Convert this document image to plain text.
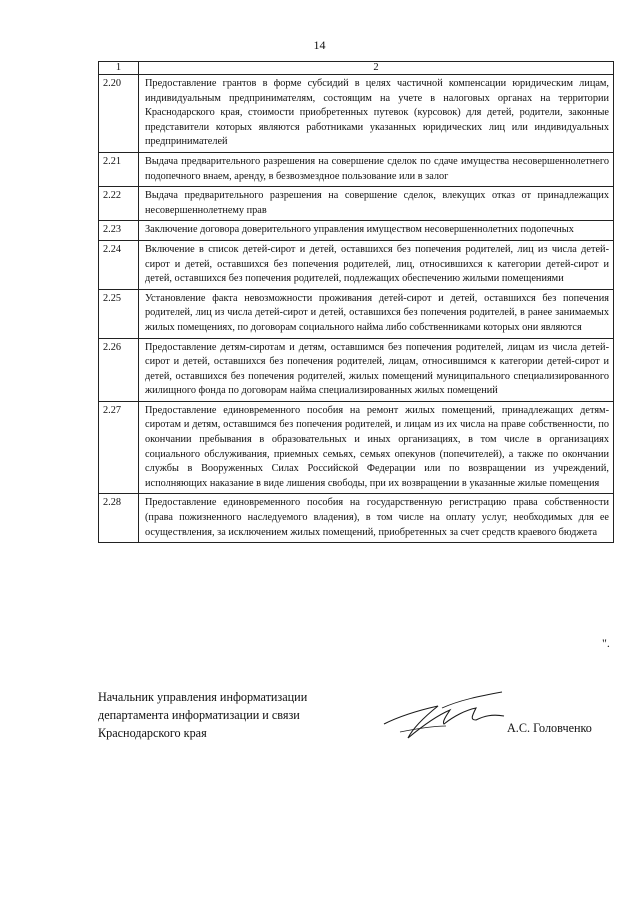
14
1	2
2.20	Предоставление грантов в форме субсидий в целях частичной компенсации юридическим лицам, индивидуальным предпринимателям, состоящим на учете в налоговых органах на территории Краснодарского края, стоимости приобретенных путевок (курсовок) для детей, родители, законные представители которых являются работниками указанных юридических лиц или индивидуальных предпринимателей
2.21	Выдача предварительного разрешения на совершение сделок по сдаче имущества несовершеннолетнего подопечного внаем, аренду, в безвозмездное пользование или в залог
2.22	Выдача предварительного разрешения на совершение сделок, влекущих отказ от принадлежащих несовершеннолетнему прав
2.23	Заключение договора доверительного управления имуществом несовершеннолетних подопечных
2.24	Включение в список детей-сирот и детей, оставшихся без попечения родителей, лиц из числа детей-сирот и детей, оставшихся без попечения родителей, лиц, относившихся к категории детей-сирот и детей, оставшихся без попечения родителей, подлежащих обеспечению жилыми помещениями
2.25	Установление факта невозможности проживания детей-сирот и детей, оставшихся без попечения родителей, лиц из числа детей-сирот и детей, оставшихся без попечения родителей, в ранее занимаемых жилых помещениях, по договорам социального найма либо собственниками которых они являются
2.26	Предоставление детям-сиротам и детям, оставшимся без попечения родителей, лицам из числа детей-сирот и детей, оставшихся без попечения родителей, лицам, относившимся к категории детей-сирот и детей, оставшихся без попечения родителей, жилых помещений муниципального специализированного жилищного фонда по договорам найма специализированных жилых помещений
2.27	Предоставление единовременного пособия на ремонт жилых помещений, принадлежащих детям-сиротам и детям, оставшимся без попечения родителей, и лицам из их числа на праве собственности, по окончании пребывания в образовательных и иных организациях, в том числе в организациях социального обслуживания, приемных семьях, семьях опекунов (попечителей), а также по окончании службы в Вооруженных Силах Российской Федерации или по возвращении из учреждений, исполняющих наказание в виде лишения свободы, при их возвращении в указанные жилые помещения
2.28	Предоставление единовременного пособия на государственную регистрацию права собственности (права пожизненного наследуемого владения), в том числе на оплату услуг, необходимых для ее осуществления, за исключением жилых помещений, приобретенных за счет средств краевого бюджета
".
Начальник управления информатизации
департамента информатизации и связи
Краснодарского края	А.С. Головченко
